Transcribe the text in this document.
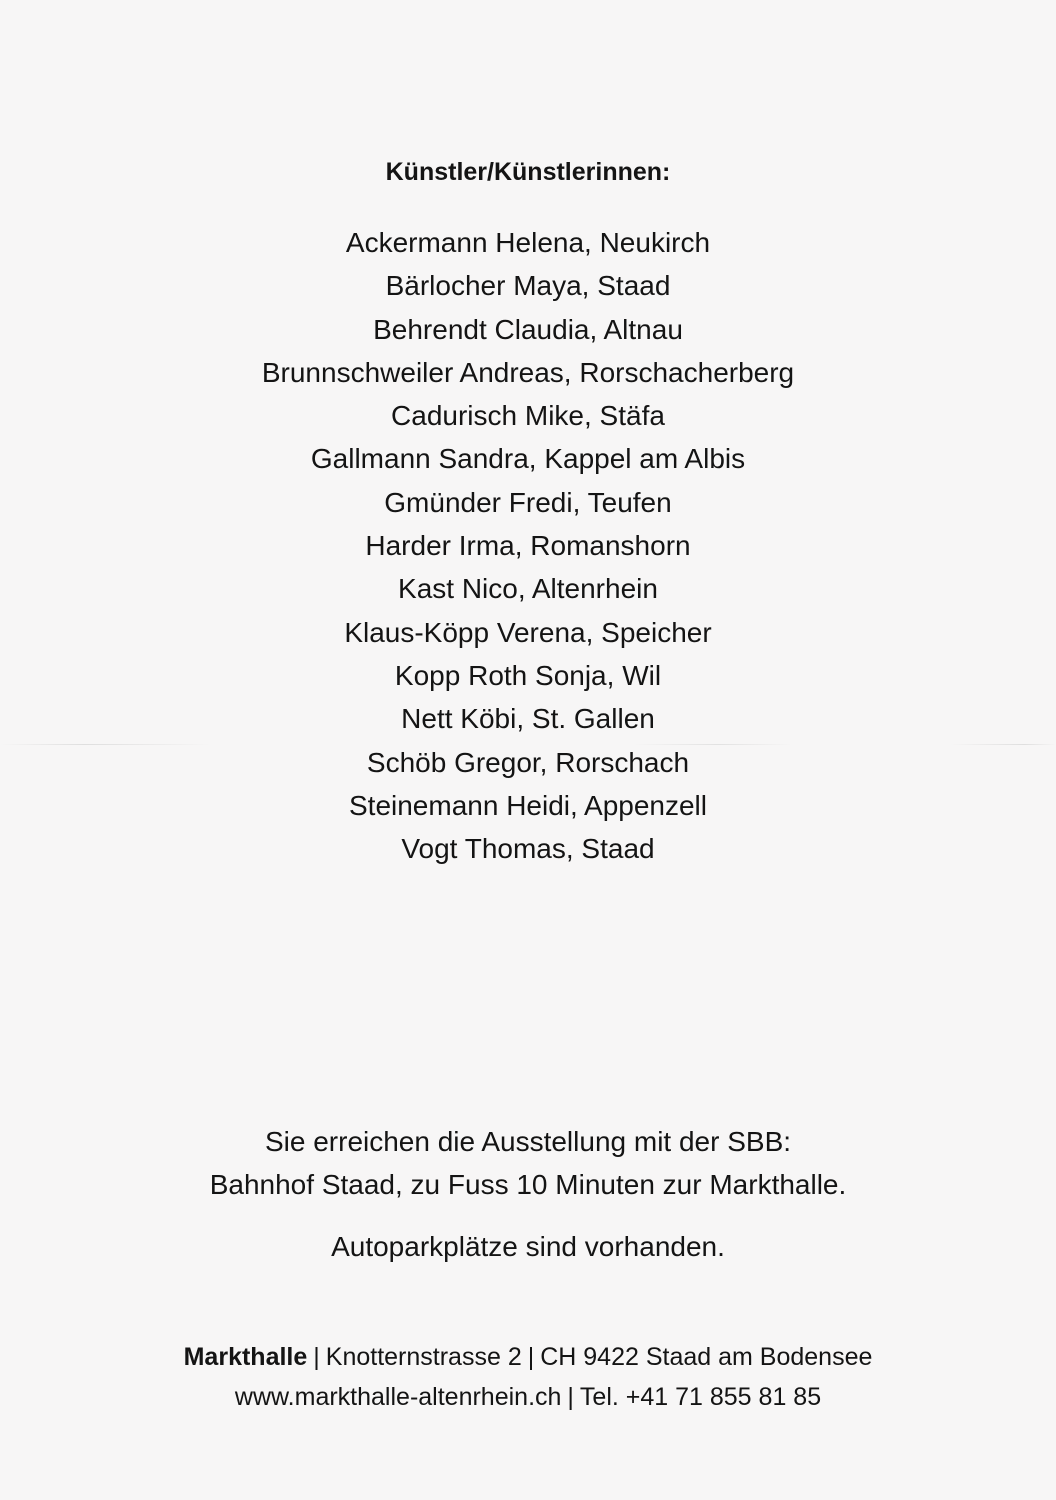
Künstler/Künstlerinnen:
Ackermann Helena, Neukirch
Bärlocher Maya, Staad
Behrendt Claudia, Altnau
Brunnschweiler Andreas, Rorschacherberg
Cadurisch Mike, Stäfa
Gallmann Sandra, Kappel am Albis
Gmünder Fredi, Teufen
Harder Irma, Romanshorn
Kast Nico, Altenrhein
Klaus-Köpp Verena, Speicher
Kopp Roth Sonja, Wil
Nett Köbi, St. Gallen
Schöb Gregor, Rorschach
Steinemann Heidi, Appenzell
Vogt Thomas, Staad
Sie erreichen die Ausstellung mit der SBB:
Bahnhof Staad, zu Fuss 10 Minuten zur Markthalle.
Autoparkplätze sind vorhanden.
Markthalle | Knotternstrasse 2 | CH 9422 Staad am Bodensee
www.markthalle-altenrhein.ch | Tel. +41 71 855 81 85
